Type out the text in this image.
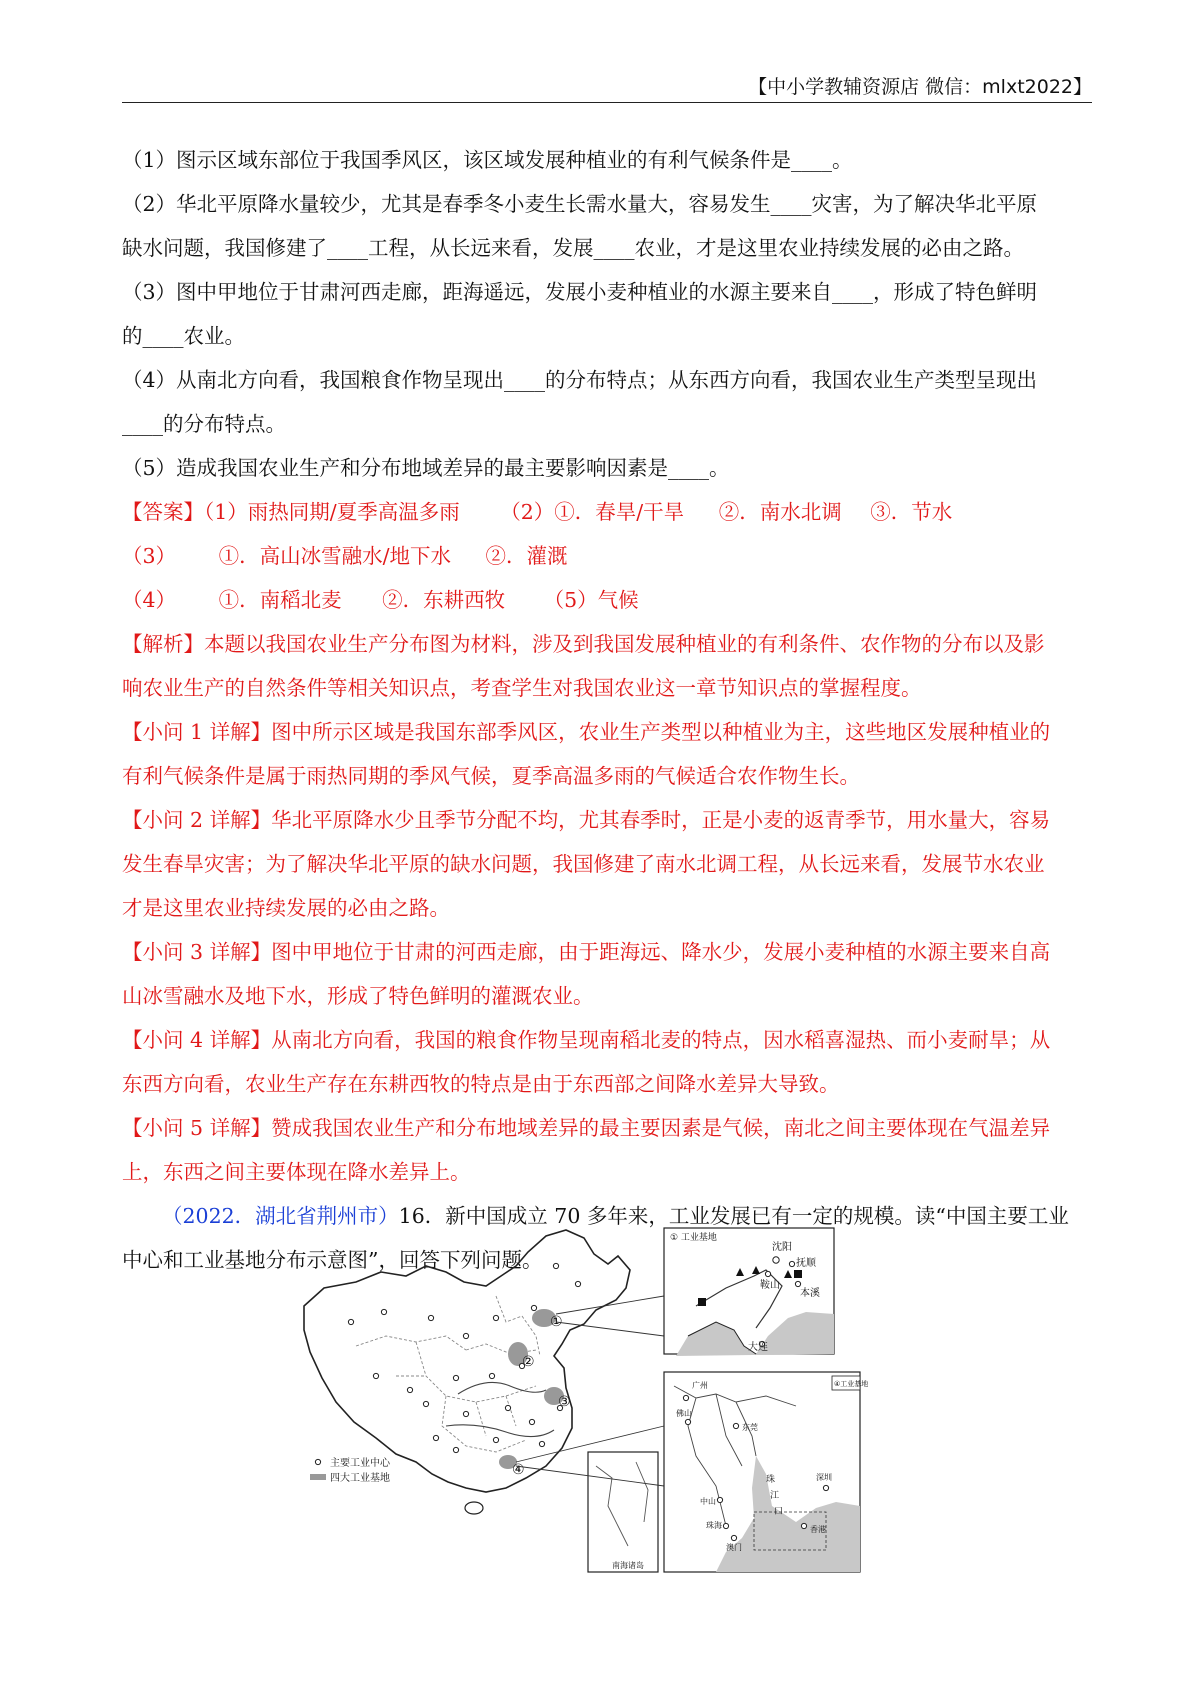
【中小学教辅资源店 微信：mlxt2022】
（1）图示区域东部位于我国季风区，该区域发展种植业的有利气候条件是____。
（2）华北平原降水量较少，尤其是春季冬小麦生长需水量大，容易发生____灾害，为了解决华北平原
缺水问题，我国修建了____工程，从长远来看，发展____农业，才是这里农业持续发展的必由之路。
（3）图中甲地位于甘肃河西走廊，距海遥远，发展小麦种植业的水源主要来自____，形成了特色鲜明
的____农业。
（4）从南北方向看，我国粮食作物呈现出____的分布特点；从东西方向看，我国农业生产类型呈现出
____的分布特点。
（5）造成我国农业生产和分布地域差异的最主要影响因素是____。
【答案】（1）雨热同期/夏季高温多雨 （2）①．春旱/干旱 ②．南水北调 ③．节水
（3） ①．高山冰雪融水/地下水 ②．灌溉
（4） ①．南稻北麦 ②．东耕西牧 （5）气候
【解析】本题以我国农业生产分布图为材料，涉及到我国发展种植业的有利条件、农作物的分布以及影
响农业生产的自然条件等相关知识点，考查学生对我国农业这一章节知识点的掌握程度。
【小问 1 详解】图中所示区域是我国东部季风区，农业生产类型以种植业为主，这些地区发展种植业的
有利气候条件是属于雨热同期的季风气候，夏季高温多雨的气候适合农作物生长。
【小问 2 详解】华北平原降水少且季节分配不均，尤其春季时，正是小麦的返青季节，用水量大，容易
发生春旱灾害；为了解决华北平原的缺水问题，我国修建了南水北调工程，从长远来看，发展节水农业
才是这里农业持续发展的必由之路。
【小问 3 详解】图中甲地位于甘肃的河西走廊，由于距海远、降水少，发展小麦种植的水源主要来自高
山冰雪融水及地下水，形成了特色鲜明的灌溉农业。
【小问 4 详解】从南北方向看，我国的粮食作物呈现南稻北麦的特点，因水稻喜湿热、而小麦耐旱；从
东西方向看，农业生产存在东耕西牧的特点是由于东西部之间降水差异大导致。
【小问 5 详解】赞成我国农业生产和分布地域差异的最主要因素是气候，南北之间主要体现在气温差异
上，东西之间主要体现在降水差异上。
（2022．湖北省荆州市）16．新中国成立 70 多年来，工业发展已有一定的规模。读“中国主要工业
中心和工业基地分布示意图”，回答下列问题。
①
②
③
④
主要工业中心
四大工业基地
南海诸岛
① 工业基地
沈阳
抚顺
鞍山
本溪
大连
④工业基地
广州
佛山
东莞
深圳
中山
珠海
澳门
香港
珠
江
口
